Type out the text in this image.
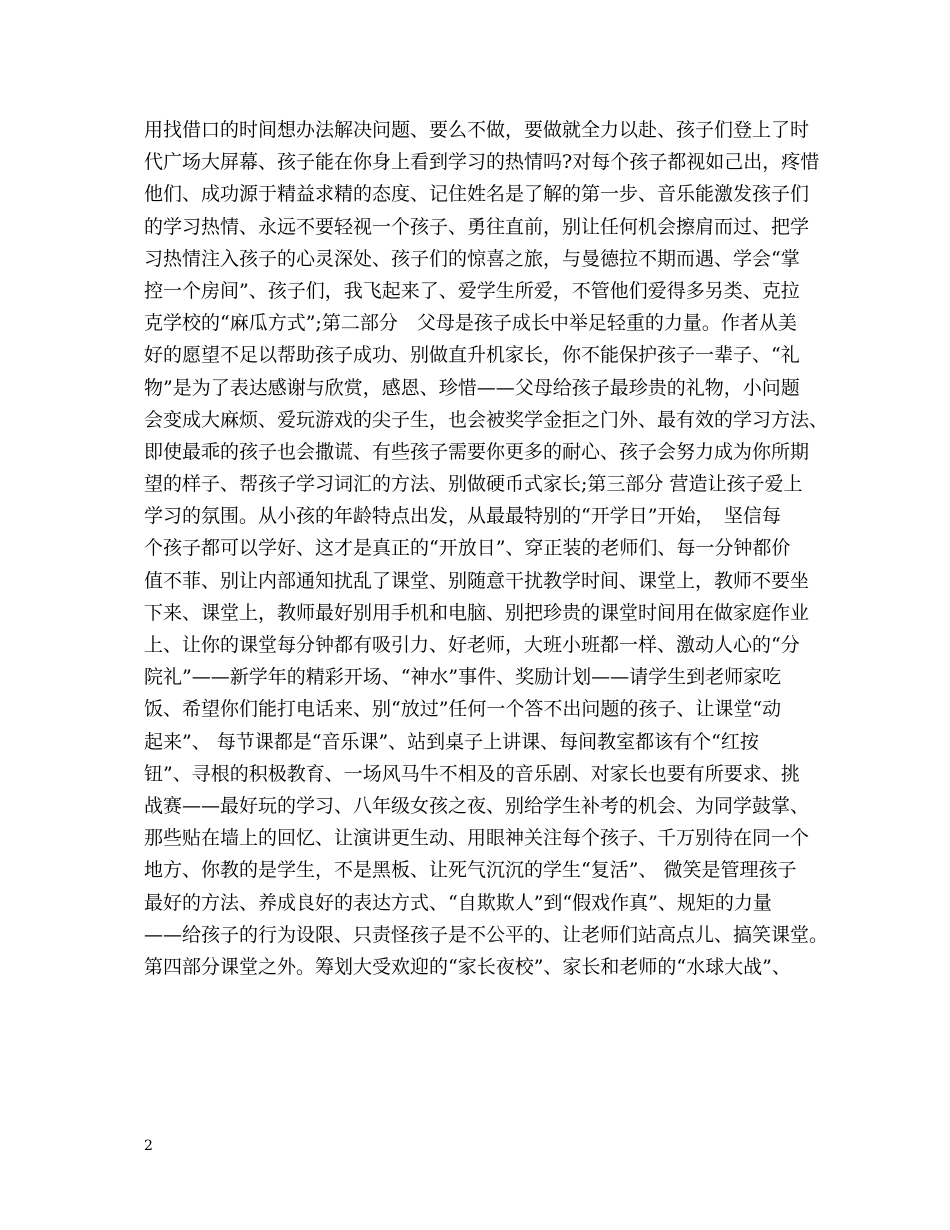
用找借口的时间想办法解决问题、要么不做，要做就全力以赴、孩子们登上了时
代广场大屏幕、孩子能在你身上看到学习的热情吗?对每个孩子都视如己出，疼惜
他们、成功源于精益求精的态度、记住姓名是了解的第一步、音乐能激发孩子们
的学习热情、永远不要轻视一个孩子、勇往直前，别让任何机会擦肩而过、把学
习热情注入孩子的心灵深处、孩子们的惊喜之旅，与曼德拉不期而遇、学会“掌
控一个房间”、孩子们，我飞起来了、爱学生所爱，不管他们爱得多另类、克拉
克学校的“麻瓜方式”;第二部分　父母是孩子成长中举足轻重的力量。作者从美
好的愿望不足以帮助孩子成功、别做直升机家长，你不能保护孩子一辈子、“礼
物”是为了表达感谢与欣赏，感恩、珍惜——父母给孩子最珍贵的礼物，小问题
会变成大麻烦、爱玩游戏的尖子生，也会被奖学金拒之门外、最有效的学习方法、
即使最乖的孩子也会撒谎、有些孩子需要你更多的耐心、孩子会努力成为你所期
望的样子、帮孩子学习词汇的方法、别做硬币式家长;第三部分 营造让孩子爱上
学习的氛围。从小孩的年龄特点出发，从最最特别的“开学日”开始，　坚信每
个孩子都可以学好、这才是真正的“开放日”、穿正装的老师们、每一分钟都价
值不菲、别让内部通知扰乱了课堂、别随意干扰教学时间、课堂上，教师不要坐
下来、课堂上，教师最好别用手机和电脑、别把珍贵的课堂时间用在做家庭作业
上、让你的课堂每分钟都有吸引力、好老师，大班小班都一样、激动人心的“分
院礼”——新学年的精彩开场、“神水”事件、奖励计划——请学生到老师家吃
饭、希望你们能打电话来、别“放过”任何一个答不出问题的孩子、让课堂“动
起来”、 每节课都是“音乐课”、站到桌子上讲课、每间教室都该有个“红按
钮”、寻根的积极教育、一场风马牛不相及的音乐剧、对家长也要有所要求、挑
战赛——最好玩的学习、八年级女孩之夜、别给学生补考的机会、为同学鼓掌、
那些贴在墙上的回忆、让演讲更生动、用眼神关注每个孩子、千万别待在同一个
地方、你教的是学生，不是黑板、让死气沉沉的学生“复活”、 微笑是管理孩子
最好的方法、养成良好的表达方式、“自欺欺人”到“假戏作真”、规矩的力量
——给孩子的行为设限、只责怪孩子是不公平的、让老师们站高点儿、搞笑课堂。
第四部分课堂之外。筹划大受欢迎的“家长夜校”、家长和老师的“水球大战”、
2
